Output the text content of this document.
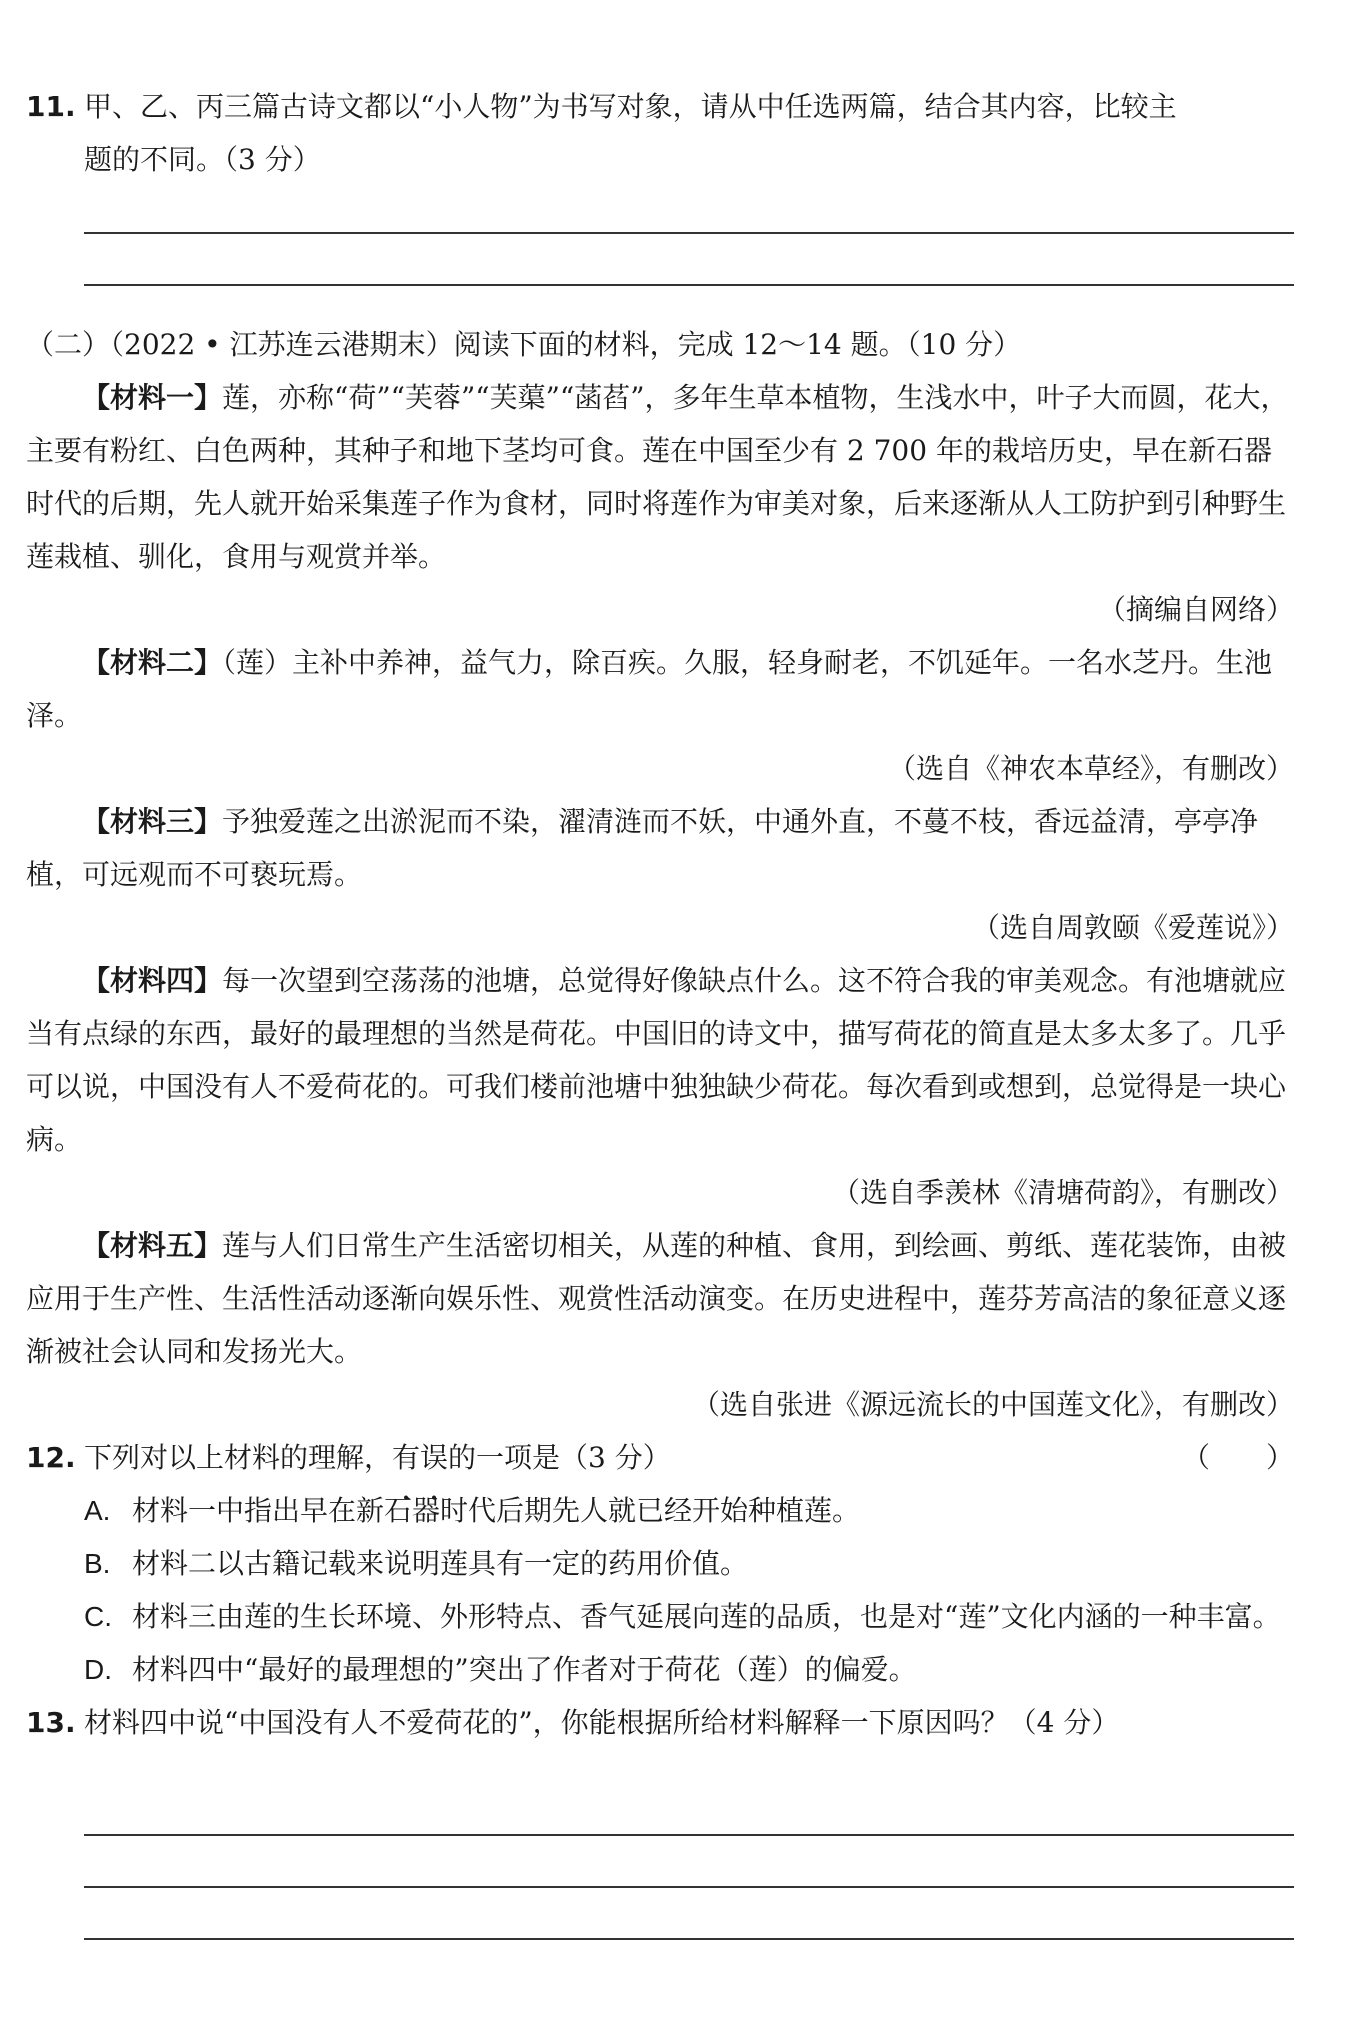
11. 甲、乙、丙三篇古诗文都以“小人物”为书写对象，请从中任选两篇，结合其内容，比较主
题的不同。（3 分）

（二）（2022 • 江苏连云港期末）阅读下面的材料，完成 12～14 题。（10 分）

【材料一】莲，亦称“荷”“芙蓉”“芙蕖”“菡萏”，多年生草本植物，生浅水中，叶子大而圆，花大，主要有粉红、白色两种，其种子和地下茎均可食。莲在中国至少有 2 700 年的栽培历史，早在新石器时代的后期，先人就开始采集莲子作为食材，同时将莲作为审美对象，后来逐渐从人工防护到引种野生莲栽植、驯化，食用与观赏并举。

（摘编自网络）

【材料二】（莲）主补中养神，益气力，除百疾。久服，轻身耐老，不饥延年。一名水芝丹。生池泽。

（选自《神农本草经》，有删改）

【材料三】予独爱莲之出淤泥而不染，濯清涟而不妖，中通外直，不蔓不枝，香远益清，亭亭净植，可远观而不可亵玩焉。

（选自周敦颐《爱莲说》）

【材料四】每一次望到空荡荡的池塘，总觉得好像缺点什么。这不符合我的审美观念。有池塘就应当有点绿的东西，最好的最理想的当然是荷花。中国旧的诗文中，描写荷花的简直是太多太多了。几乎可以说，中国没有人不爱荷花的。可我们楼前池塘中独独缺少荷花。每次看到或想到，总觉得是一块心病。

（选自季羡林《清塘荷韵》，有删改）

【材料五】莲与人们日常生产生活密切相关，从莲的种植、食用，到绘画、剪纸、莲花装饰，由被应用于生产性、生活性活动逐渐向娱乐性、观赏性活动演变。在历史进程中，莲芬芳高洁的象征意义逐渐被社会认同和发扬光大。

（选自张进《源远流长的中国莲文化》，有删改）

12. 下列对以上材料的理解，有误的一项是（3 分）	（　　）

A. 材料一中指出早在新石器时代后期先人就已经开始种植莲。

B. 材料二以古籍记载来说明莲具有一定的药用价值。

C. 材料三由莲的生长环境、外形特点、香气延展向莲的品质，也是对“莲”文化内涵的一种丰富。

D. 材料四中“最好的最理想的”突出了作者对于荷花（莲）的偏爱。

13. 材料四中说“中国没有人不爱荷花的”，你能根据所给材料解释一下原因吗？（4 分）
